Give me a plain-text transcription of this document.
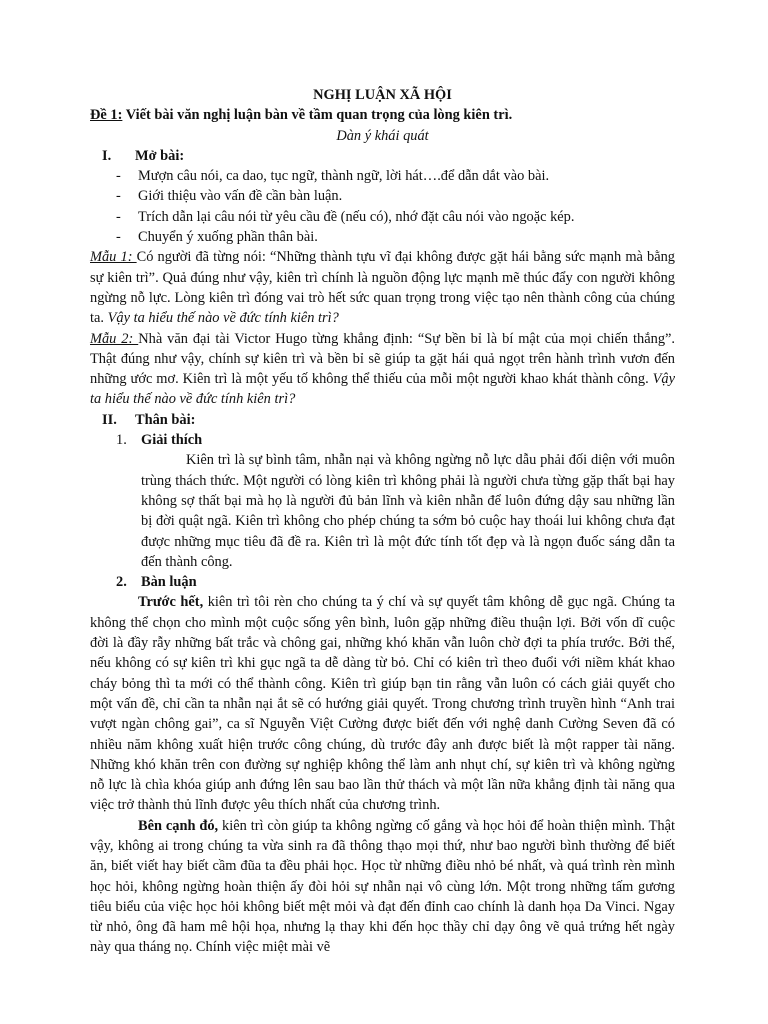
NGHỊ LUẬN XÃ HỘI

Đề 1: Viết bài văn nghị luận bàn về tầm quan trọng của lòng kiên trì.

Dàn ý khái quát

I.	Mở bài:
-	Mượn câu nói, ca dao, tục ngữ, thành ngữ, lời hát….để dẫn dắt vào bài.
-	Giới thiệu vào vấn đề cần bàn luận.
-	Trích dẫn lại câu nói từ yêu cầu đề (nếu có), nhớ đặt câu nói vào ngoặc kép.
-	Chuyển ý xuống phần thân bài.

Mẫu 1: Có người đã từng nói: “Những thành tựu vĩ đại không được gặt hái bằng sức mạnh mà bằng sự kiên trì”. Quả đúng như vậy, kiên trì chính là nguồn động lực mạnh mẽ thúc đẩy con người không ngừng nỗ lực. Lòng kiên trì đóng vai trò hết sức quan trọng trong việc tạo nên thành công của chúng ta. Vậy ta hiểu thế nào về đức tính kiên trì?

Mẫu 2: Nhà văn đại tài Victor Hugo từng khẳng định: “Sự bền bỉ là bí mật của mọi chiến thắng”. Thật đúng như vậy, chính sự kiên trì và bền bỉ sẽ giúp ta gặt hái quả ngọt trên hành trình vươn đến những ước mơ. Kiên trì là một yếu tố không thể thiếu của mỗi một người khao khát thành công. Vậy ta hiểu thế nào về đức tính kiên trì?

II.	Thân bài:
1. Giải thích

Kiên trì là sự bình tâm, nhẫn nại và không ngừng nỗ lực dẫu phải đối diện với muôn trùng thách thức. Một người có lòng kiên trì không phải là người chưa từng gặp thất bại hay không sợ thất bại mà họ là người đủ bản lĩnh và kiên nhẫn để luôn đứng dậy sau những lần bị đời quật ngã. Kiên trì không cho phép chúng ta sớm bỏ cuộc hay thoái lui không chưa đạt được những mục tiêu đã đề ra. Kiên trì là một đức tính tốt đẹp và là ngọn đuốc sáng dẫn ta đến thành công.

2. Bàn luận

Trước hết, kiên trì tôi rèn cho chúng ta ý chí và sự quyết tâm không dễ gục ngã. Chúng ta không thể chọn cho mình một cuộc sống yên bình, luôn gặp những điều thuận lợi. Bởi vốn dĩ cuộc đời là đầy rẫy những bất trắc và chông gai, những khó khăn vẫn luôn chờ đợi ta phía trước. Bởi thế, nếu không có sự kiên trì khi gục ngã ta dễ dàng từ bỏ. Chỉ có kiên trì theo đuổi với niềm khát khao cháy bỏng thì ta mới có thể thành công. Kiên trì giúp bạn tin rằng vẫn luôn có cách giải quyết cho một vấn đề, chỉ cần ta nhẫn nại ắt sẽ có hướng giải quyết. Trong chương trình truyền hình “Anh trai vượt ngàn chông gai”, ca sĩ Nguyễn Việt Cường được biết đến với nghệ danh Cường Seven đã có nhiều năm không xuất hiện trước công chúng, dù trước đây anh được biết là một rapper tài năng. Những khó khăn trên con đường sự nghiệp không thể làm anh nhụt chí, sự kiên trì và không ngừng nỗ lực là chìa khóa giúp anh đứng lên sau bao lần thử thách và một lần nữa khẳng định tài năng qua việc trở thành thủ lĩnh được yêu thích nhất của chương trình.

Bên cạnh đó, kiên trì còn giúp ta không ngừng cố gắng và học hỏi để hoàn thiện mình. Thật vậy, không ai trong chúng ta vừa sinh ra đã thông thạo mọi thứ, như bao người bình thường để biết ăn, biết viết hay biết cầm đũa ta đều phải học. Học từ những điều nhỏ bé nhất, và quá trình rèn mình học hỏi, không ngừng hoàn thiện ấy đòi hỏi sự nhẫn nại vô cùng lớn. Một trong những tấm gương tiêu biểu của việc học hỏi không biết mệt mỏi và đạt đến đỉnh cao chính là danh họa Da Vinci. Ngay từ nhỏ, ông đã ham mê hội họa, nhưng lạ thay khi đến học thầy chỉ dạy ông vẽ quả trứng hết ngày này qua tháng nọ. Chính việc miệt mài vẽ
